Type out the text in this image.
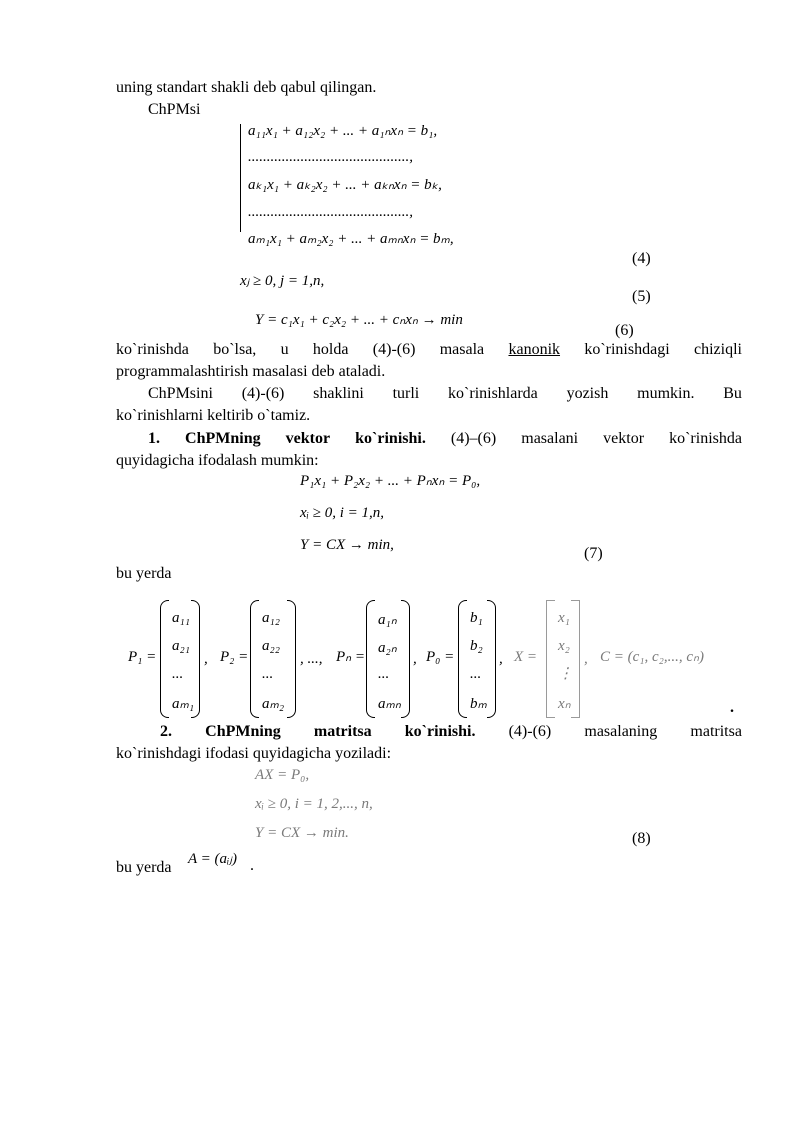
uning standart shakli deb qabul qilingan.
ChPMsi
a₁₁x₁ + a₁₂x₂ + ... + a₁ₙxₙ = b₁,
...........................................,
aₖ₁x₁ + aₖ₂x₂ + ... + aₖₙxₙ = bₖ,
...........................................,
aₘ₁x₁ + aₘ₂x₂ + ... + aₘₙxₙ = bₘ,
(4)
xⱼ ≥ 0, j = 1,n,
(5)
Y = c₁x₁ + c₂x₂ + ... + cₙxₙ → min
(6)
ko`rinishda bo`lsa, u holda (4)-(6) masala kanonik ko`rinishdagi chiziqli
programmalashtirish masalasi deb ataladi.
ChPMsini (4)-(6) shaklini turli ko`rinishlarda yozish mumkin. Bu
ko`rinishlarni keltirib o`tamiz.
1. ChPMning vektor ko`rinishi. (4)–(6) masalani vektor ko`rinishda
quyidagicha ifodalash mumkin:
P₁x₁ + P₂x₂ + ... + Pₙxₙ = P₀,
xᵢ ≥ 0, i = 1,n,
Y = CX → min,	(7)
bu yerda
P₁ =
a₁₁
a₂₁
...
aₘ₁
, P₂ =
a₁₂
a₂₂
...
aₘ₂
, ..., Pₙ =
a₁ₙ
a₂ₙ
...
aₘₙ
, P₀ =
b₁
b₂
...
bₘ
, X =
x₁
x₂
⋮
xₙ
, C = (c₁, c₂,..., cₙ)
.
2. ChPMning matritsa ko`rinishi. (4)-(6) masalaning matritsa
ko`rinishdagi ifodasi quyidagicha yoziladi:
AX = P₀,
xᵢ ≥ 0, i = 1, 2,..., n,
Y = CX → min.	(8)
bu yerda A = (aᵢⱼ) .
